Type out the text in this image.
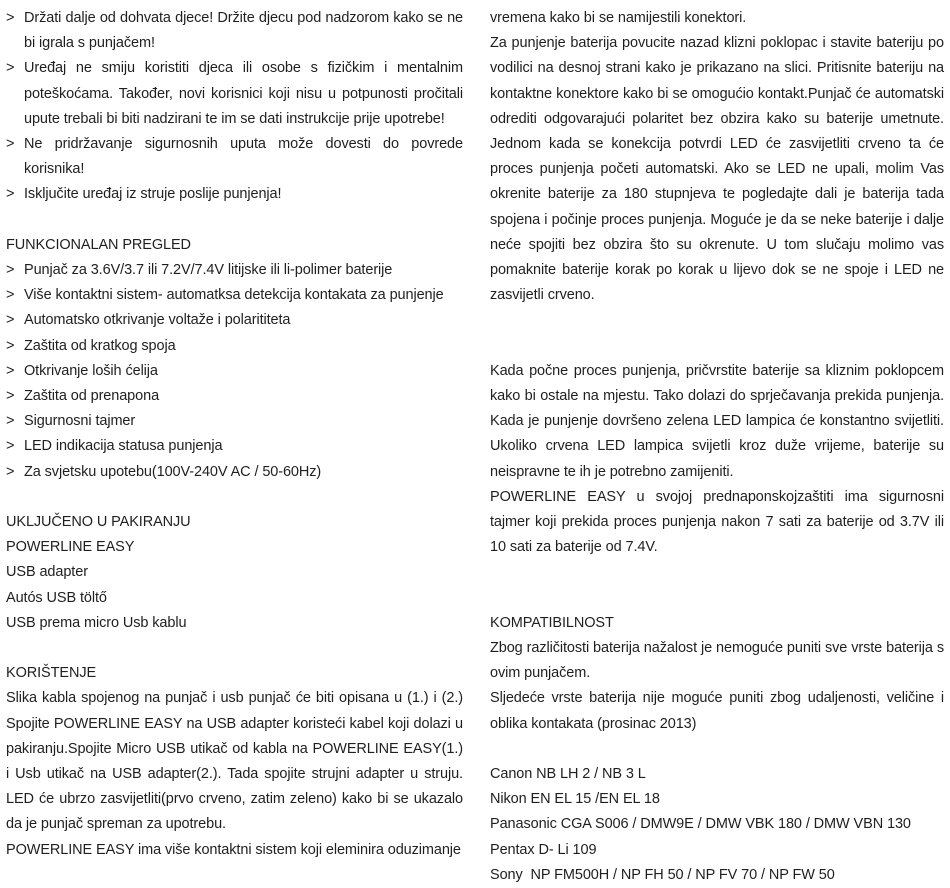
> Držati dalje od dohvata djece! Držite djecu pod nadzorom kako se ne bi igrala s punjačem!
> Uređaj ne smiju koristiti djeca ili osobe s fizičkim i mentalnim poteškoćama. Također, novi korisnici koji nisu u potpunosti pročitali upute trebali bi biti nadzirani te im se dati instrukcije prije upotrebe!
> Ne pridržavanje sigurnosnih uputa može dovesti do povrede korisnika!
> Isključite uređaj iz struje poslije punjenja!

FUNKCIONALAN PREGLED

> Punjač za 3.6V/3.7 ili 7.2V/7.4V litijske ili li-polimer baterije
> Više kontaktni sistem- automatksa detekcija kontakata za punjenje
> Automatsko otkrivanje voltaže i polarititeta
> Zaštita od kratkog spoja
> Otkrivanje loših ćelija
> Zaštita od prenapona
> Sigurnosni tajmer
> LED indikacija statusa punjenja
> Za svjetsku upotebu(100V-240V AC / 50-60Hz)

UKLJUČENO U PAKIRANJU

POWERLINE EASY
USB adapter
Autós USB töltő
USB prema micro Usb kablu

KORIŠTENJE

Slika kabla spojenog na punjač i usb punjač će biti opisana u (1.) i (2.) Spojite POWERLINE EASY na USB adapter koristeći kabel koji dolazi u pakiranju.Spojite Micro USB utikač od kabla na POWERLINE EASY(1.) i Usb utikač na USB adapter(2.). Tada spojite strujni adapter u struju. LED će ubrzo zasvijetliti(prvo crveno, zatim zeleno) kako bi se ukazalo da je punjač spreman za upotrebu.

POWERLINE EASY ima više kontaktni sistem koji eleminira oduzimanje

vremena kako bi se namijestili konektori.

Za punjenje baterija povucite nazad klizni poklopac i stavite bateriju po vodilici na desnoj strani kako je prikazano na slici. Pritisnite bateriju na kontaktne konektore kako bi se omogućio kontakt.Punjač će automatski odrediti odgovarajući polaritet bez obzira kako su baterije umetnute. Jednom kada se konekcija potvrdi LED će zasvijetliti crveno ta će proces punjenja početi automatski. Ako se LED ne upali, molim Vas okrenite baterije za 180 stupnjeva te pogledajte dali je baterija tada spojena i počinje proces punjenja. Moguće je da se neke baterije i dalje neće spojiti bez obzira što su okrenute. U tom slučaju molimo vas pomaknite baterije korak po korak u lijevo dok se ne spoje i LED ne zasvijetli crveno.

Kada počne proces punjenja, pričvrstite baterije sa kliznim poklopcem kako bi ostale na mjestu. Tako dolazi do sprječavanja prekida punjenja. Kada je punjenje dovršeno zelena LED lampica će konstantno svijetliti. Ukoliko crvena LED lampica svijetli kroz duže vrijeme, baterije su neispravne te ih je potrebno zamijeniti.

POWERLINE EASY u svojoj prednaponskojzaštiti ima sigurnosni tajmer koji prekida proces punjenja nakon 7 sati za baterije od 3.7V ili 10 sati za baterije od 7.4V.

KOMPATIBILNOST

Zbog različitosti baterija nažalost je nemoguće puniti sve vrste baterija s ovim punjačem.

Sljedeće vrste baterija nije moguće puniti zbog udaljenosti, veličine i oblika kontakata (prosinac 2013)

Canon NB LH 2 / NB 3 L
Nikon EN EL 15 /EN EL 18
Panasonic CGA S006 / DMW9E / DMW VBK 180 / DMW VBN 130
Pentax D- Li 109
Sony  NP FM500H / NP FH 50 / NP FV 70 / NP FW 50
